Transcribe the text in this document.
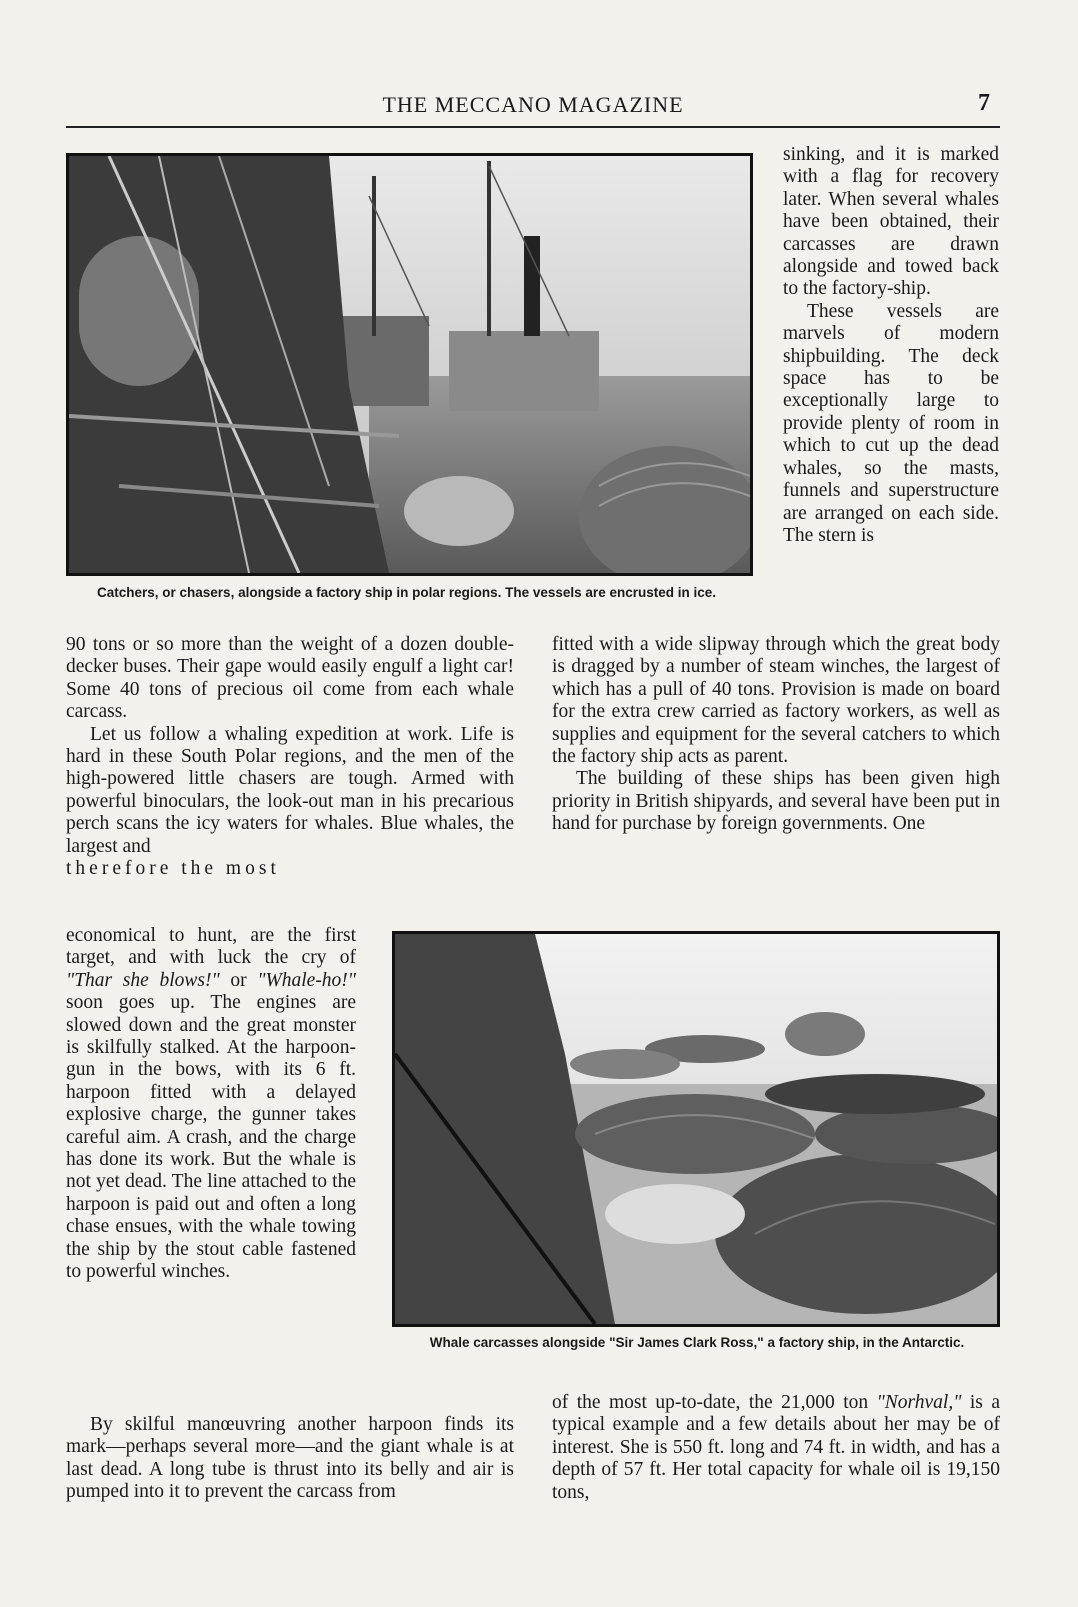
THE MECCANO MAGAZINE	7

Catchers, or chasers, alongside a factory ship in polar regions. The vessels are encrusted in ice.

sinking, and it is marked with a flag for recovery later. When several whales have been obtained, their carcasses are drawn alongside and towed back to the factory-ship.

These vessels are marvels of modern shipbuilding. The deck space has to be exceptionally large to provide plenty of room in which to cut up the dead whales, so the masts, funnels and superstructure are arranged on each side. The stern is

90 tons or so more than the weight of a dozen double-decker buses. Their gape would easily engulf a light car! Some 40 tons of precious oil come from each whale carcass.

Let us follow a whaling expedition at work. Life is hard in these South Polar regions, and the men of the high-powered little chasers are tough. Armed with powerful binoculars, the look-out man in his precarious perch scans the icy waters for whales. Blue whales, the largest and

therefore the most

economical to hunt, are the first target, and with luck the cry of "Thar she blows!" or "Whale-ho!" soon goes up. The engines are slowed down and the great monster is skilfully stalked. At the harpoon-gun in the bows, with its 6 ft. harpoon fitted with a delayed explosive charge, the gunner takes careful aim. A crash, and the charge has done its work. But the whale is not yet dead. The line attached to the harpoon is paid out and often a long chase ensues, with the whale towing the ship by the stout cable fastened to powerful winches.

By skilful manœuvring another harpoon finds its mark—perhaps several more—and the giant whale is at last dead. A long tube is thrust into its belly and air is pumped into it to prevent the carcass from

fitted with a wide slipway through which the great body is dragged by a number of steam winches, the largest of which has a pull of 40 tons. Provision is made on board for the extra crew carried as factory workers, as well as supplies and equipment for the several catchers to which the factory ship acts as parent.

The building of these ships has been given high priority in British shipyards, and several have been put in hand for purchase by foreign governments. One

Whale carcasses alongside "Sir James Clark Ross," a factory ship, in the Antarctic.

of the most up-to-date, the 21,000 ton "Norhval," is a typical example and a few details about her may be of interest. She is 550 ft. long and 74 ft. in width, and has a depth of 57 ft. Her total capacity for whale oil is 19,150 tons,
